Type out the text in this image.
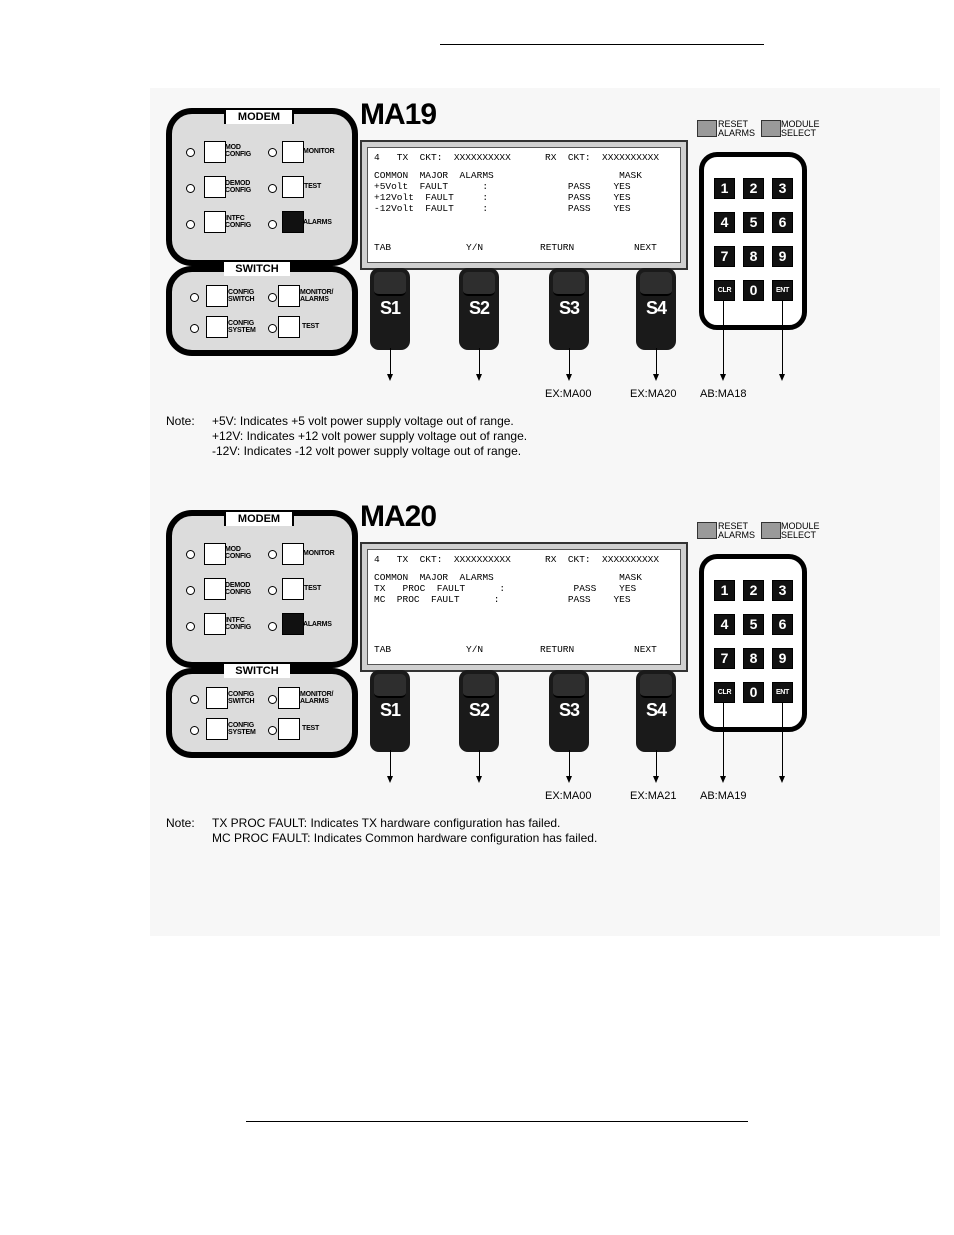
MODEM
MOD
CONFIG	MONITOR
DEMOD
CONFIG
TEST
INTFC
CONFIG	ALARMS
SWITCH
CONFIG
SWITCH
MONITOR/
ALARMS
CONFIG
SYSTEM
TEST
MA19
4   TX  CKT:  XXXXXXXXXX      RX  CKT:  XXXXXXXXXX
COMMON  MAJOR  ALARMS                      MASK
+5Volt  FAULT      :              PASS    YES
+12Volt  FAULT     :              PASS    YES
-12Volt  FAULT     :              PASS    YES
TAB	Y/N	RETURN	NEXT
S1	S2	S3	S4
EX:MA00	EX:MA20 AB:MA18
RESET
ALARMS
MODULE
SELECT
1	2	3
4	5	6
7	8	9
CLR	0	ENT
Note: +5V: Indicates +5 volt power supply voltage out of range.
+12V: Indicates +12 volt power supply voltage out of range.
-12V: Indicates -12 volt power supply voltage out of range.
MODEM
MOD
CONFIG	MONITOR
DEMOD
CONFIG
TEST
INTFC
CONFIG	ALARMS
SWITCH
CONFIG
SWITCH
MONITOR/
ALARMS
CONFIG
SYSTEM
TEST
MA20
4   TX  CKT:  XXXXXXXXXX      RX  CKT:  XXXXXXXXXX
COMMON  MAJOR  ALARMS                      MASK
TX   PROC  FAULT      :            PASS    YES
MC  PROC  FAULT      :            PASS    YES
TAB	Y/N	RETURN	NEXT
S1	S2	S3	S4
EX:MA00	EX:MA21 AB:MA19
RESET
ALARMS
MODULE
SELECT
1	2	3
4	5	6
7	8	9
CLR	0	ENT
Note: TX PROC FAULT: Indicates TX hardware configuration has failed.
MC PROC FAULT: Indicates Common hardware configuration has failed.
